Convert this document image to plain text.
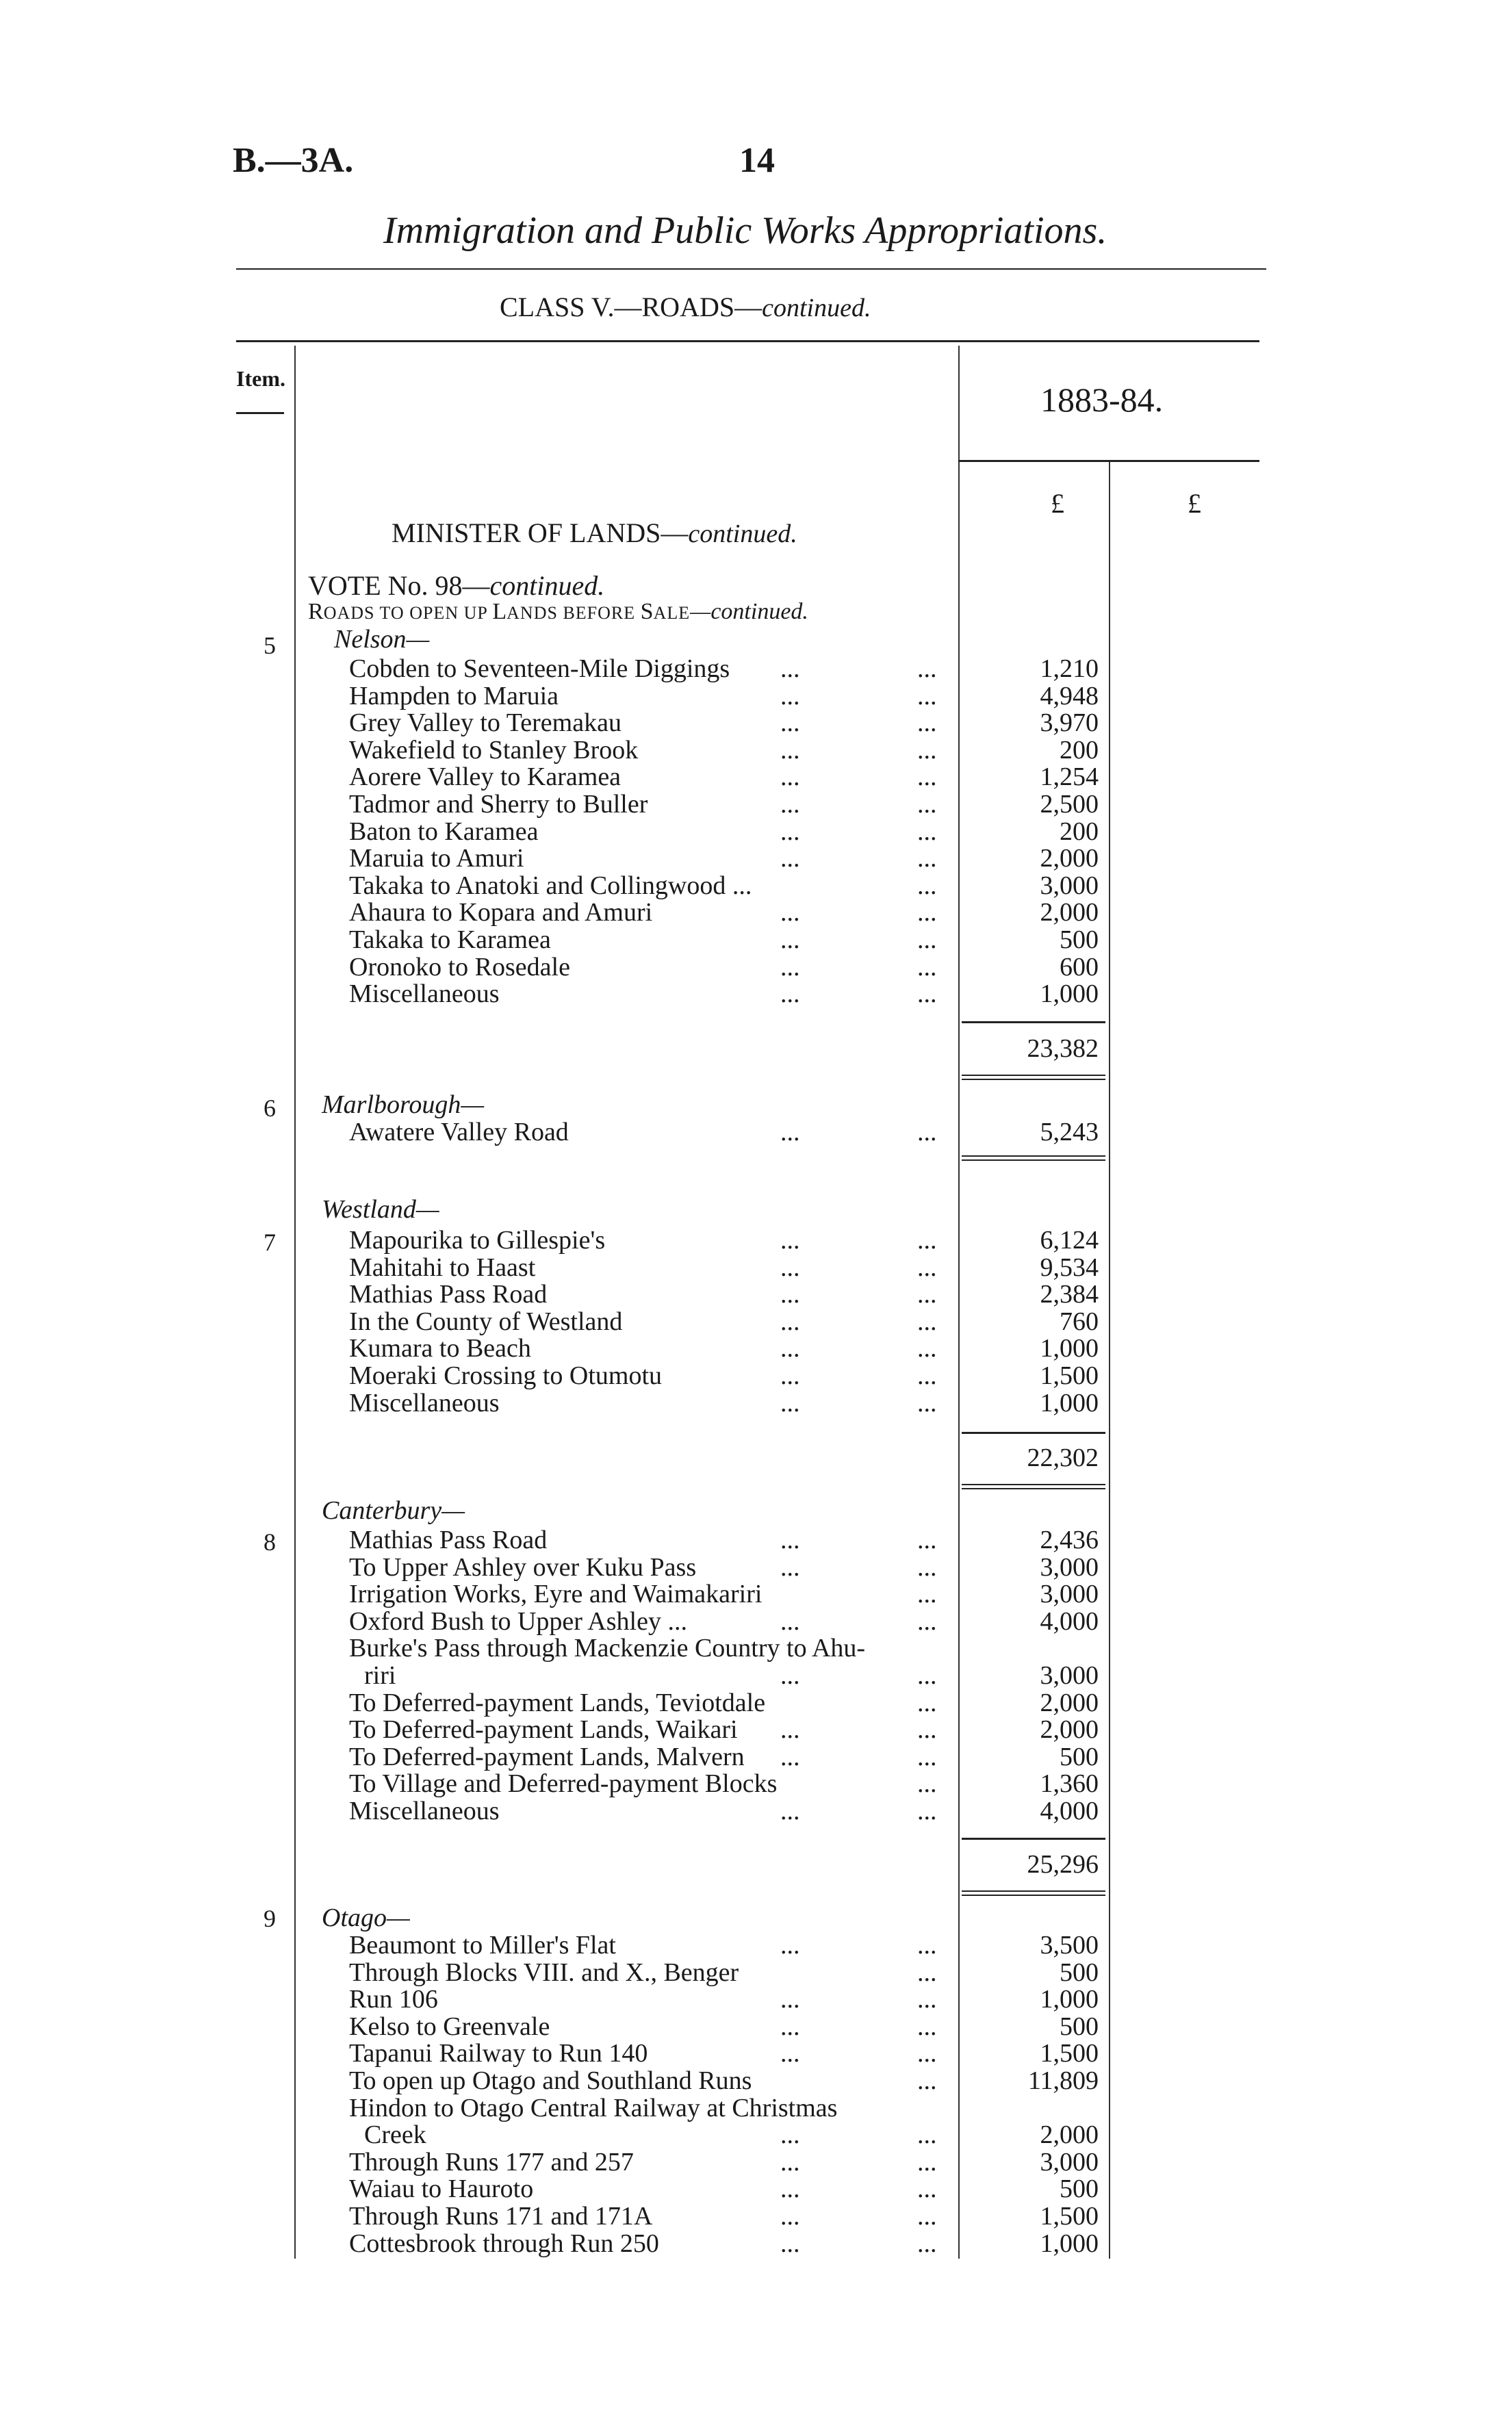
B.—3A.	14
Immigration and Public Works Appropriations.
CLASS V.—ROADS—continued.
Item.
1883-84.
£	£
MINISTER OF LANDS—continued.
VOTE No. 98—continued.
ROADS TO OPEN UP LANDS BEFORE SALE—continued.
5 Nelson—
Cobden to Seventeen-Mile Diggings ...	...	1,210
Hampden to Maruia	...	...	4,948
Grey Valley to Teremakau	...	...	3,970
Wakefield to Stanley Brook	...	...	200
Aorere Valley to Karamea	...	...	1,254
Tadmor and Sherry to Buller	...	...	2,500
Baton to Karamea	...	...	200
Maruia to Amuri	...	...	2,000
Takaka to Anatoki and Collingwood ...	...	3,000
Ahaura to Kopara and Amuri	...	...	2,000
Takaka to Karamea	...	...	500
Oronoko to Rosedale	...	...	600
Miscellaneous	...	...	1,000
23,382
6 Marlborough—
Awatere Valley Road	...	...	5,243
Westland—
7	Mapourika to Gillespie's	...	...	6,124
Mahitahi to Haast	...	...	9,534
Mathias Pass Road	...	...	2,384
In the County of Westland	...	...	760
Kumara to Beach	...	...	1,000
Moeraki Crossing to Otumotu	...	...	1,500
Miscellaneous	...	...	1,000
22,302
Canterbury—
8	Mathias Pass Road	...	...	2,436
To Upper Ashley over Kuku Pass	...	...	3,000
Irrigation Works, Eyre and Waimakariri	...	3,000
Oxford Bush to Upper Ashley ...	...	...	4,000
Burke's Pass through Mackenzie Country to Ahu-
riri	...	...	3,000
To Deferred-payment Lands, Teviotdale	...	2,000
To Deferred-payment Lands, Waikari ...	...	2,000
To Deferred-payment Lands, Malvern ...	...	500
To Village and Deferred-payment Blocks	...	1,360
Miscellaneous	...	...	4,000
25,296
9 Otago—
Beaumont to Miller's Flat	...	...	3,500
Through Blocks VIII. and X., Benger	...	500
Run 106	...	...	1,000
Kelso to Greenvale	...	...	500
Tapanui Railway to Run 140	...	...	1,500
To open up Otago and Southland Runs	...	11,809
Hindon to Otago Central Railway at Christmas
Creek	...	...	2,000
Through Runs 177 and 257	...	...	3,000
Waiau to Hauroto	...	...	500
Through Runs 171 and 171A	...	...	1,500
Cottesbrook through Run 250	...	...	1,000
